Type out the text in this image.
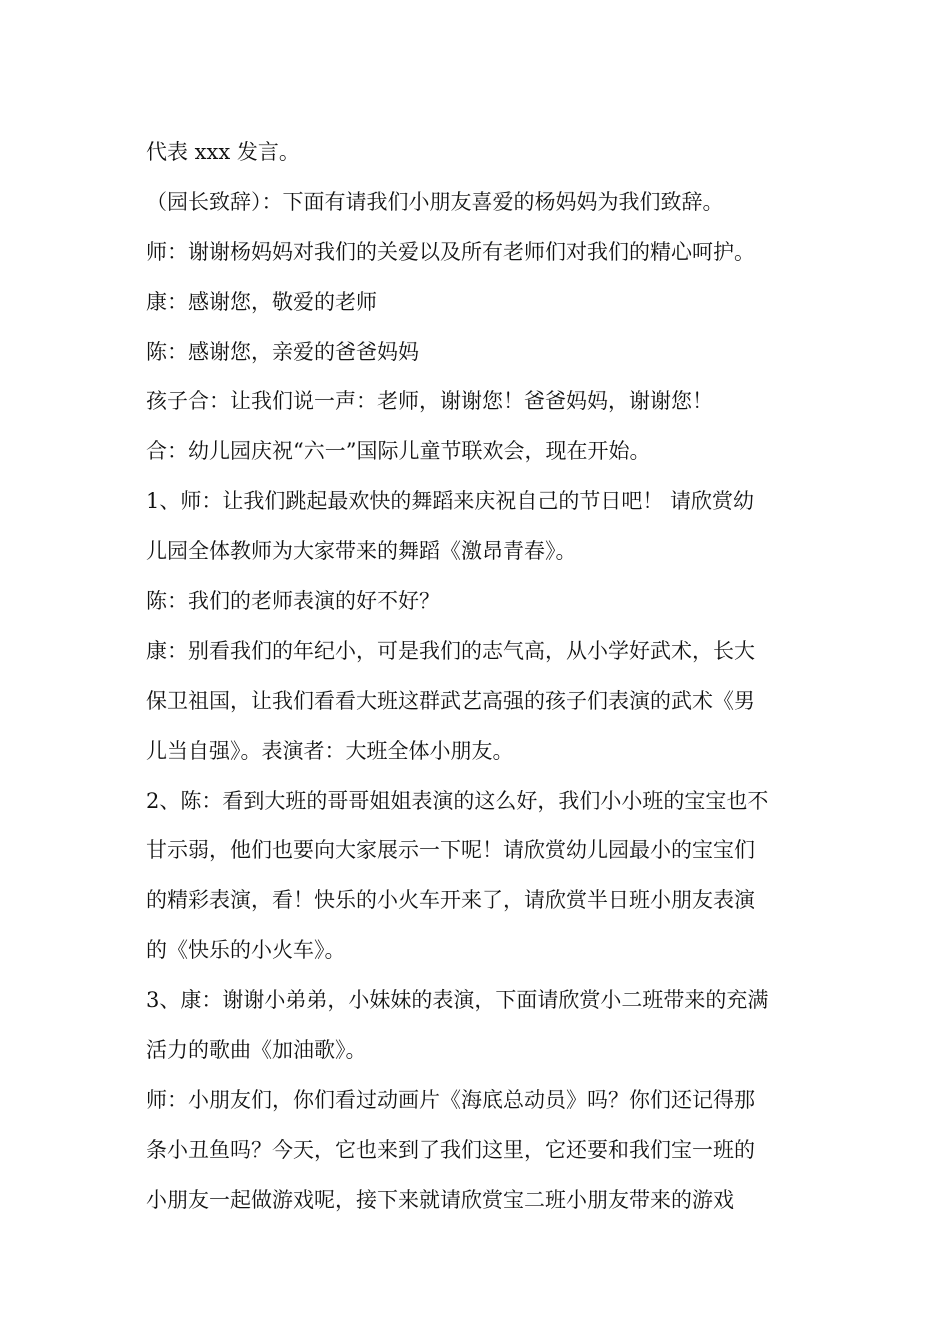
代表 xxx 发言。
（园长致辞）：下面有请我们小朋友喜爱的杨妈妈为我们致辞。
师：谢谢杨妈妈对我们的关爱以及所有老师们对我们的精心呵护。
康：感谢您，敬爱的老师
陈：感谢您，亲爱的爸爸妈妈
孩子合：让我们说一声：老师，谢谢您！爸爸妈妈，谢谢您！
合：幼儿园庆祝“六一”国际儿童节联欢会，现在开始。
1、师：让我们跳起最欢快的舞蹈来庆祝自己的节日吧！ 请欣赏幼
儿园全体教师为大家带来的舞蹈《激昂青春》。
陈：我们的老师表演的好不好？
康：别看我们的年纪小，可是我们的志气高，从小学好武术，长大
保卫祖国，让我们看看大班这群武艺高强的孩子们表演的武术《男
儿当自强》。表演者：大班全体小朋友。
2、陈：看到大班的哥哥姐姐表演的这么好，我们小小班的宝宝也不
甘示弱，他们也要向大家展示一下呢！请欣赏幼儿园最小的宝宝们
的精彩表演，看！快乐的小火车开来了，请欣赏半日班小朋友表演
的《快乐的小火车》。
3、康：谢谢小弟弟，小妹妹的表演，下面请欣赏小二班带来的充满
活力的歌曲《加油歌》。
师：小朋友们，你们看过动画片《海底总动员》吗？你们还记得那
条小丑鱼吗？今天，它也来到了我们这里，它还要和我们宝一班的
小朋友一起做游戏呢，接下来就请欣赏宝二班小朋友带来的游戏
